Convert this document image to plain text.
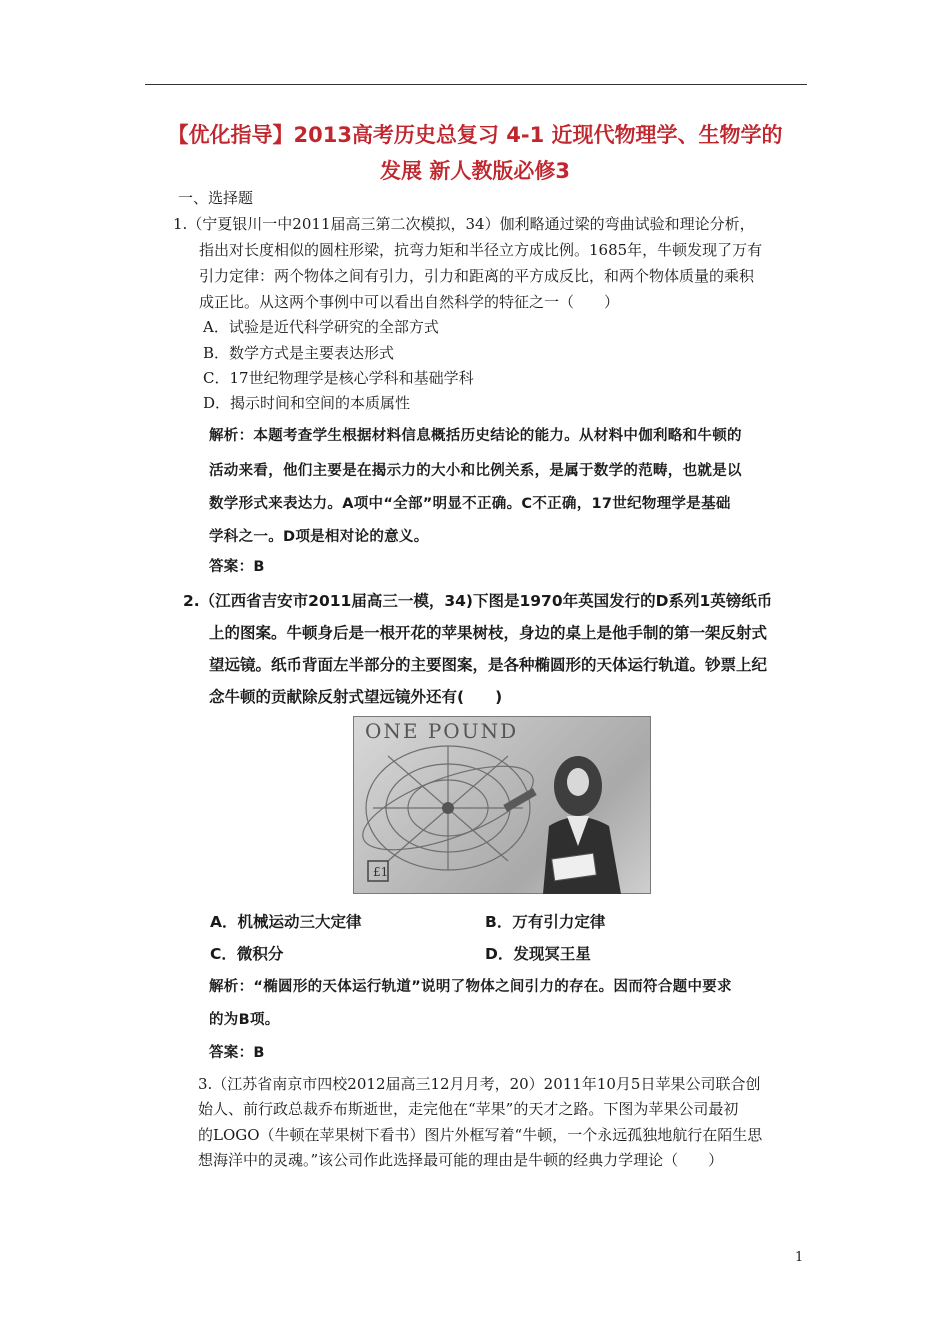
【优化指导】2013高考历史总复习 4-1 近现代物理学、生物学的
发展 新人教版必修3
一、选择题
1.（宁夏银川一中2011届高三第二次模拟，34）伽利略通过梁的弯曲试验和理论分析，
指出对长度相似的圆柱形梁，抗弯力矩和半径立方成比例。1685年，牛顿发现了万有
引力定律：两个物体之间有引力，引力和距离的平方成反比，和两个物体质量的乘积
成正比。从这两个事例中可以看出自然科学的特征之一（　　）
A．试验是近代科学研究的全部方式
B．数学方式是主要表达形式
C．17世纪物理学是核心学科和基础学科
D．揭示时间和空间的本质属性
解析：本题考查学生根据材料信息概括历史结论的能力。从材料中伽利略和牛顿的
活动来看，他们主要是在揭示力的大小和比例关系，是属于数学的范畴，也就是以
数学形式来表达力。A项中“全部”明显不正确。C不正确，17世纪物理学是基础
学科之一。D项是相对论的意义。
答案：B
2.（江西省吉安市2011届高三一模，34)下图是1970年英国发行的D系列1英镑纸币
上的图案。牛顿身后是一根开花的苹果树枝，身边的桌上是他手制的第一架反射式
望远镜。纸币背面左半部分的主要图案，是各种椭圆形的天体运行轨道。钞票上纪
念牛顿的贡献除反射式望远镜外还有(　　)
£1
ONE POUND
A．机械运动三大定律	B．万有引力定律
C．微积分	D．发现冥王星
解析：“椭圆形的天体运行轨道”说明了物体之间引力的存在。因而符合题中要求
的为B项。
答案：B
3.（江苏省南京市四校2012届高三12月月考，20）2011年10月5日苹果公司联合创
始人、前行政总裁乔布斯逝世，走完他在“苹果”的天才之路。下图为苹果公司最初
的LOGO（牛顿在苹果树下看书）图片外框写着“牛顿，一个永远孤独地航行在陌生思
想海洋中的灵魂。”该公司作此选择最可能的理由是牛顿的经典力学理论（　　）
1
